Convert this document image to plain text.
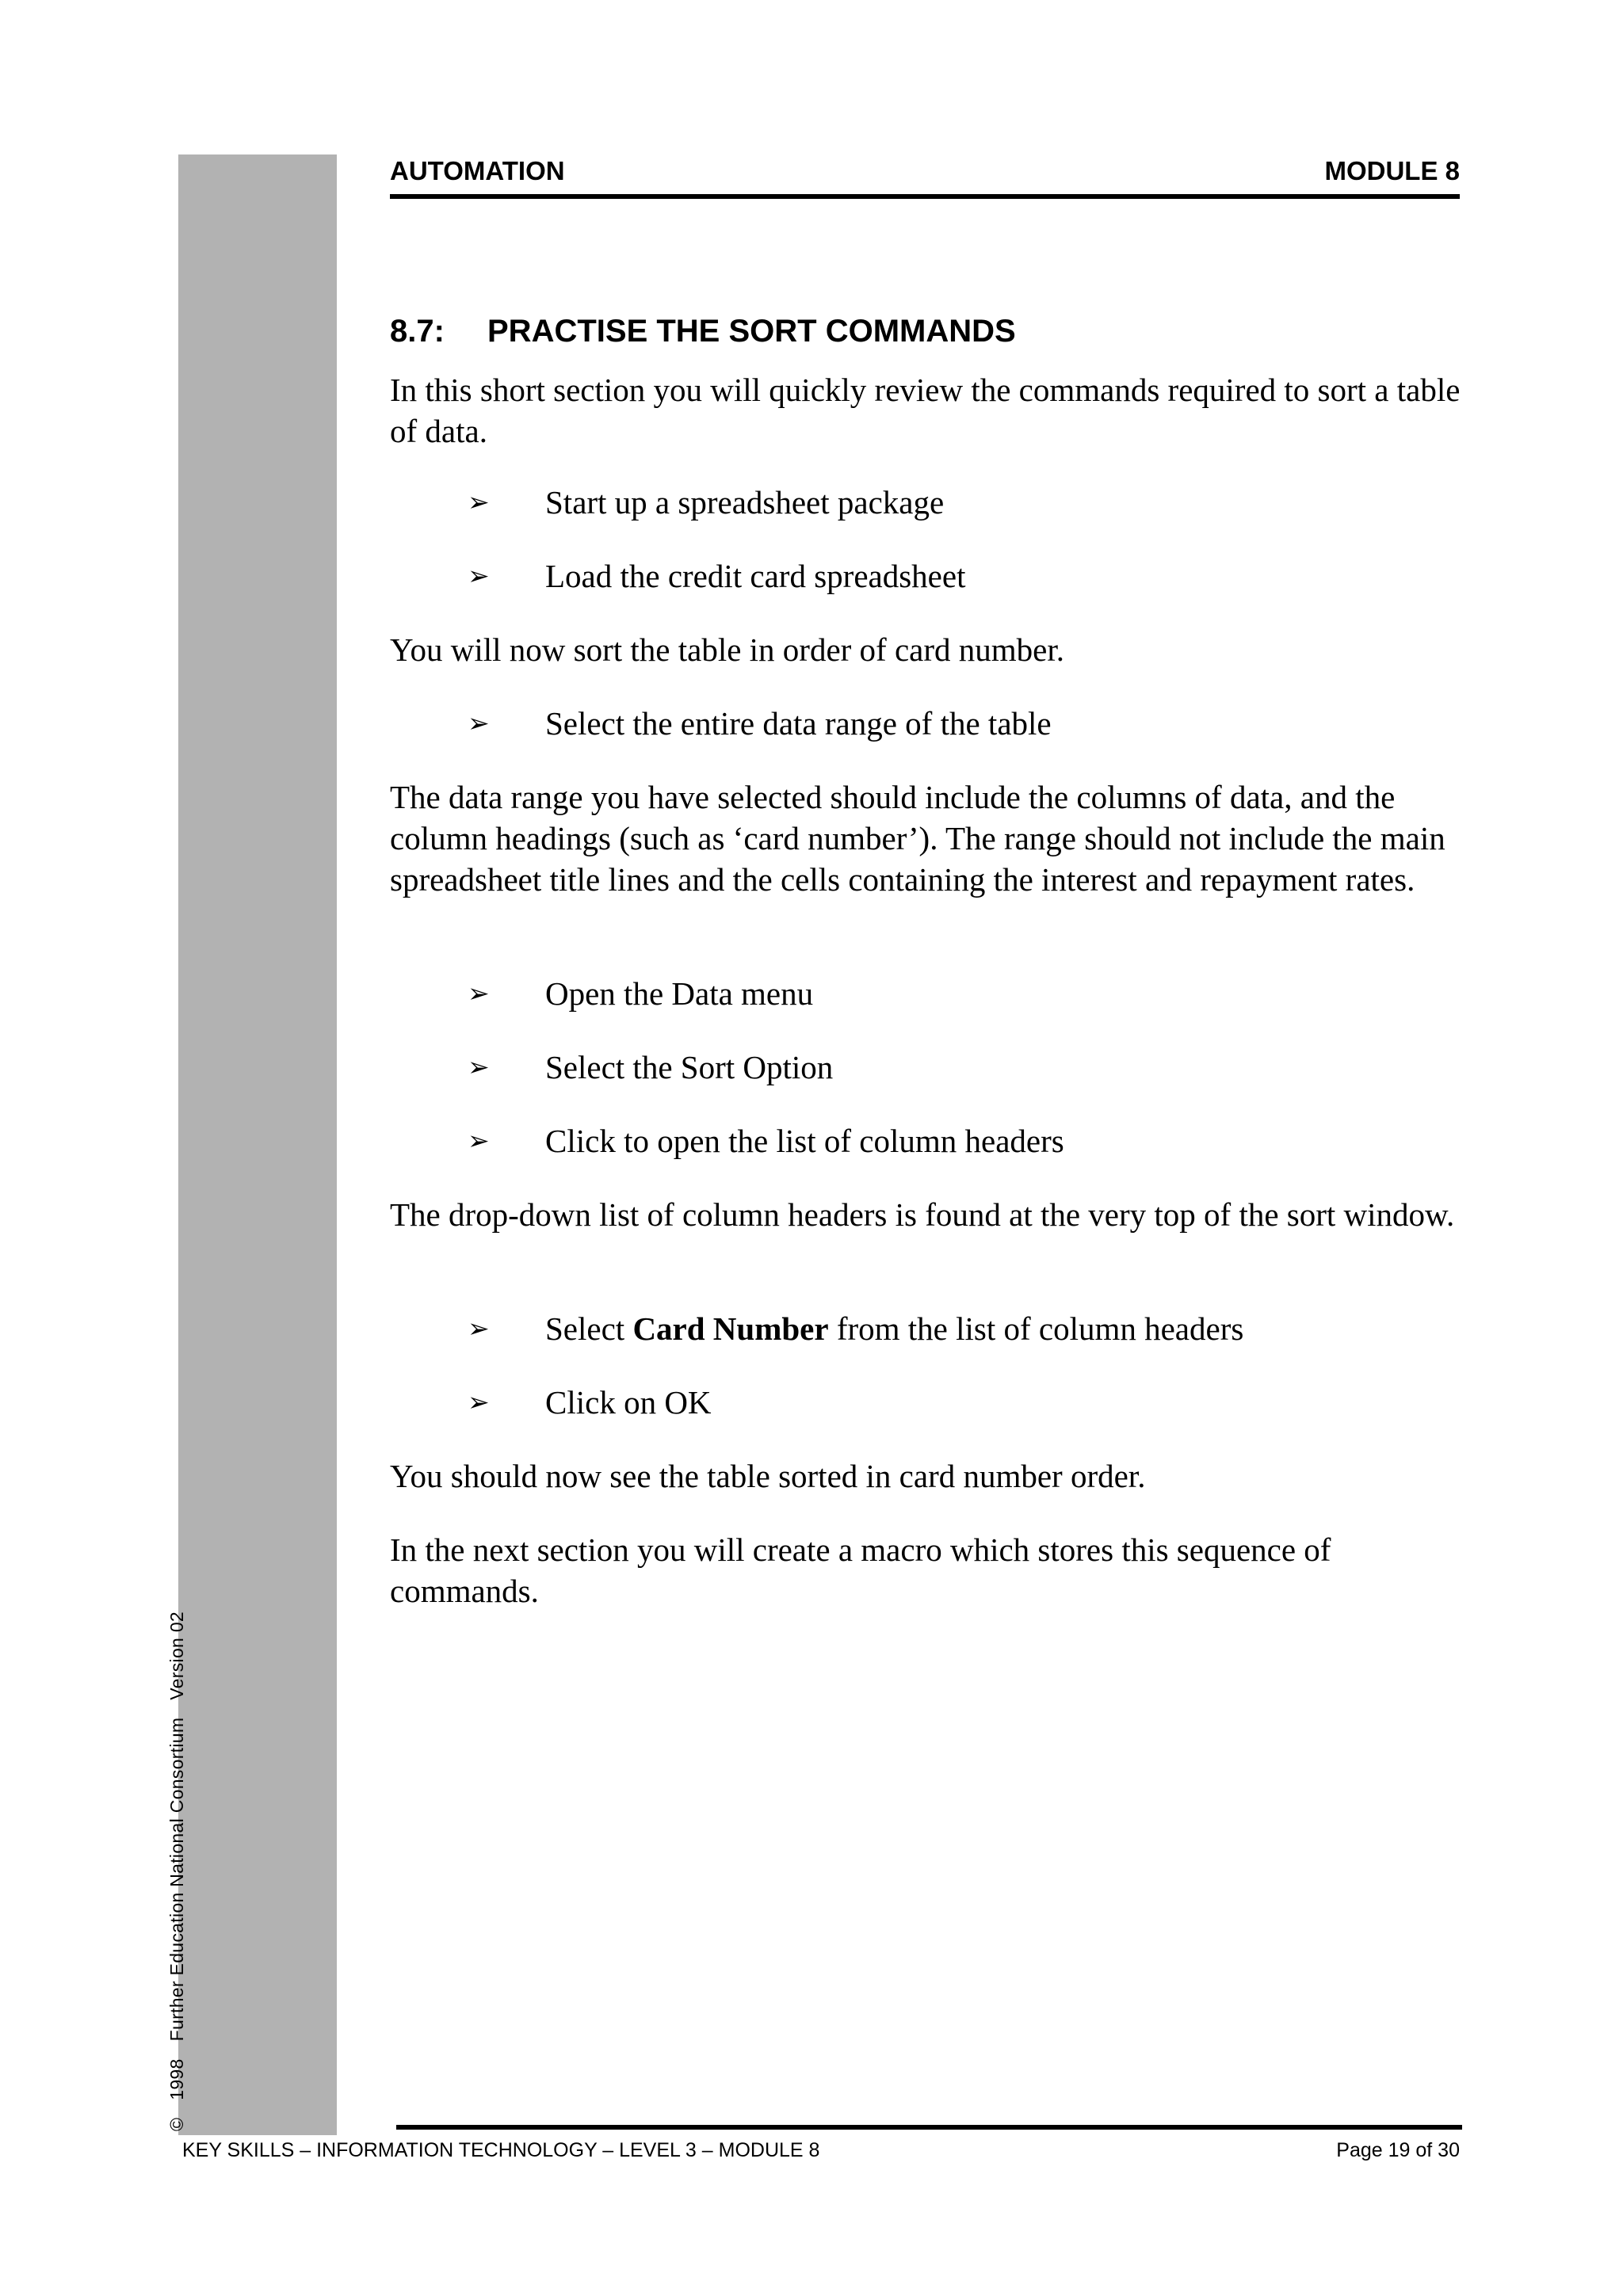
©1998Further Education National ConsortiumVersion 02
AUTOMATION	MODULE 8
8.7: PRACTISE THE SORT COMMANDS
In this short section you will quickly review the commands required to sort a table of data.
➢ Start up a spreadsheet package
➢ Load the credit card spreadsheet
You will now sort the table in order of card number.
➢ Select the entire data range of the table
The data range you have selected should include the columns of data, and the column headings (such as ‘card number’). The range should not include the main spreadsheet title lines and the cells containing the interest and repayment rates.
➢ Open the Data menu
➢ Select the Sort Option
➢ Click to open the list of column headers
The drop-down list of column headers is found at the very top of the sort window.
➢ Select Card Number from the list of column headers
➢ Click on OK
You should now see the table sorted in card number order.
In the next section you will create a macro which stores this sequence of commands.
KEY SKILLS – INFORMATION TECHNOLOGY – LEVEL 3 – MODULE 8	Page 19 of 30
